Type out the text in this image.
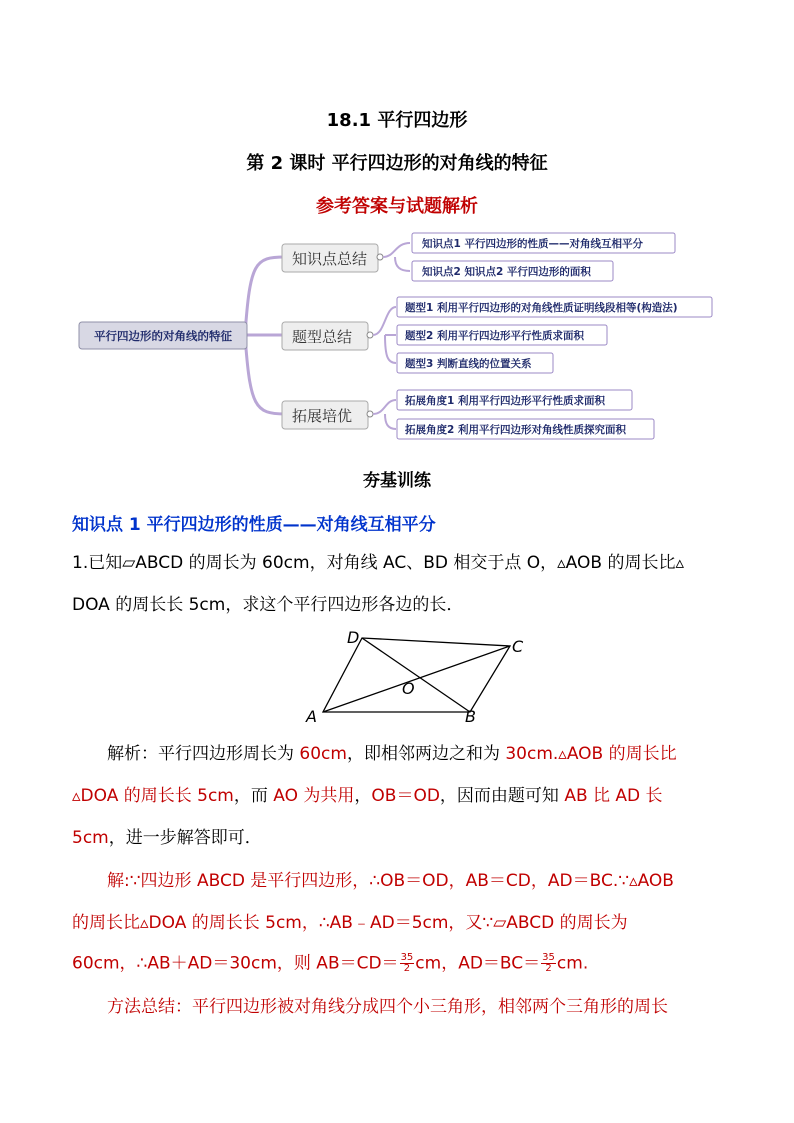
18.1 平行四边形
第 2 课时 平行四边形的对角线的特征
参考答案与试题解析
平行四边形的对角线的特征
知识点总结
知识点1 平行四边形的性质——对角线互相平分
知识点2 知识点2 平行四边形的面积
题型总结
题型1 利用平行四边形的对角线性质证明线段相等(构造法)
题型2 利用平行四边形平行性质求面积
题型3 判断直线的位置关系
拓展培优
拓展角度1 利用平行四边形平行性质求面积
拓展角度2 利用平行四边形对角线性质探究面积
夯基训练
知识点 1 平行四边形的性质——对角线互相平分
1.已知▱ABCD 的周长为 60cm，对角线 AC、BD 相交于点 O，▵AOB 的周长比▵
DOA 的周长长 5cm，求这个平行四边形各边的长．
A	B
C
D
O
解析：平行四边形周长为 60cm，即相邻两边之和为 30cm.▵AOB 的周长比
▵DOA 的周长长 5cm，而 AO 为共用，OB＝OD，因而由题可知 AB 比 AD 长
5cm，进一步解答即可．
解:∵四边形 ABCD 是平行四边形，∴OB＝OD，AB＝CD，AD＝BC.∵▵AOB
的周长比▵DOA 的周长长 5cm，∴AB﹣AD＝5cm，又∵▱ABCD 的周长为
60cm，∴AB＋AD＝30cm，则 $AB=CD= \frac{35}{2}$ cm，$AD=BC= \frac{35}{2}$ cm.
方法总结：平行四边形被对角线分成四个小三角形，相邻两个三角形的周长
